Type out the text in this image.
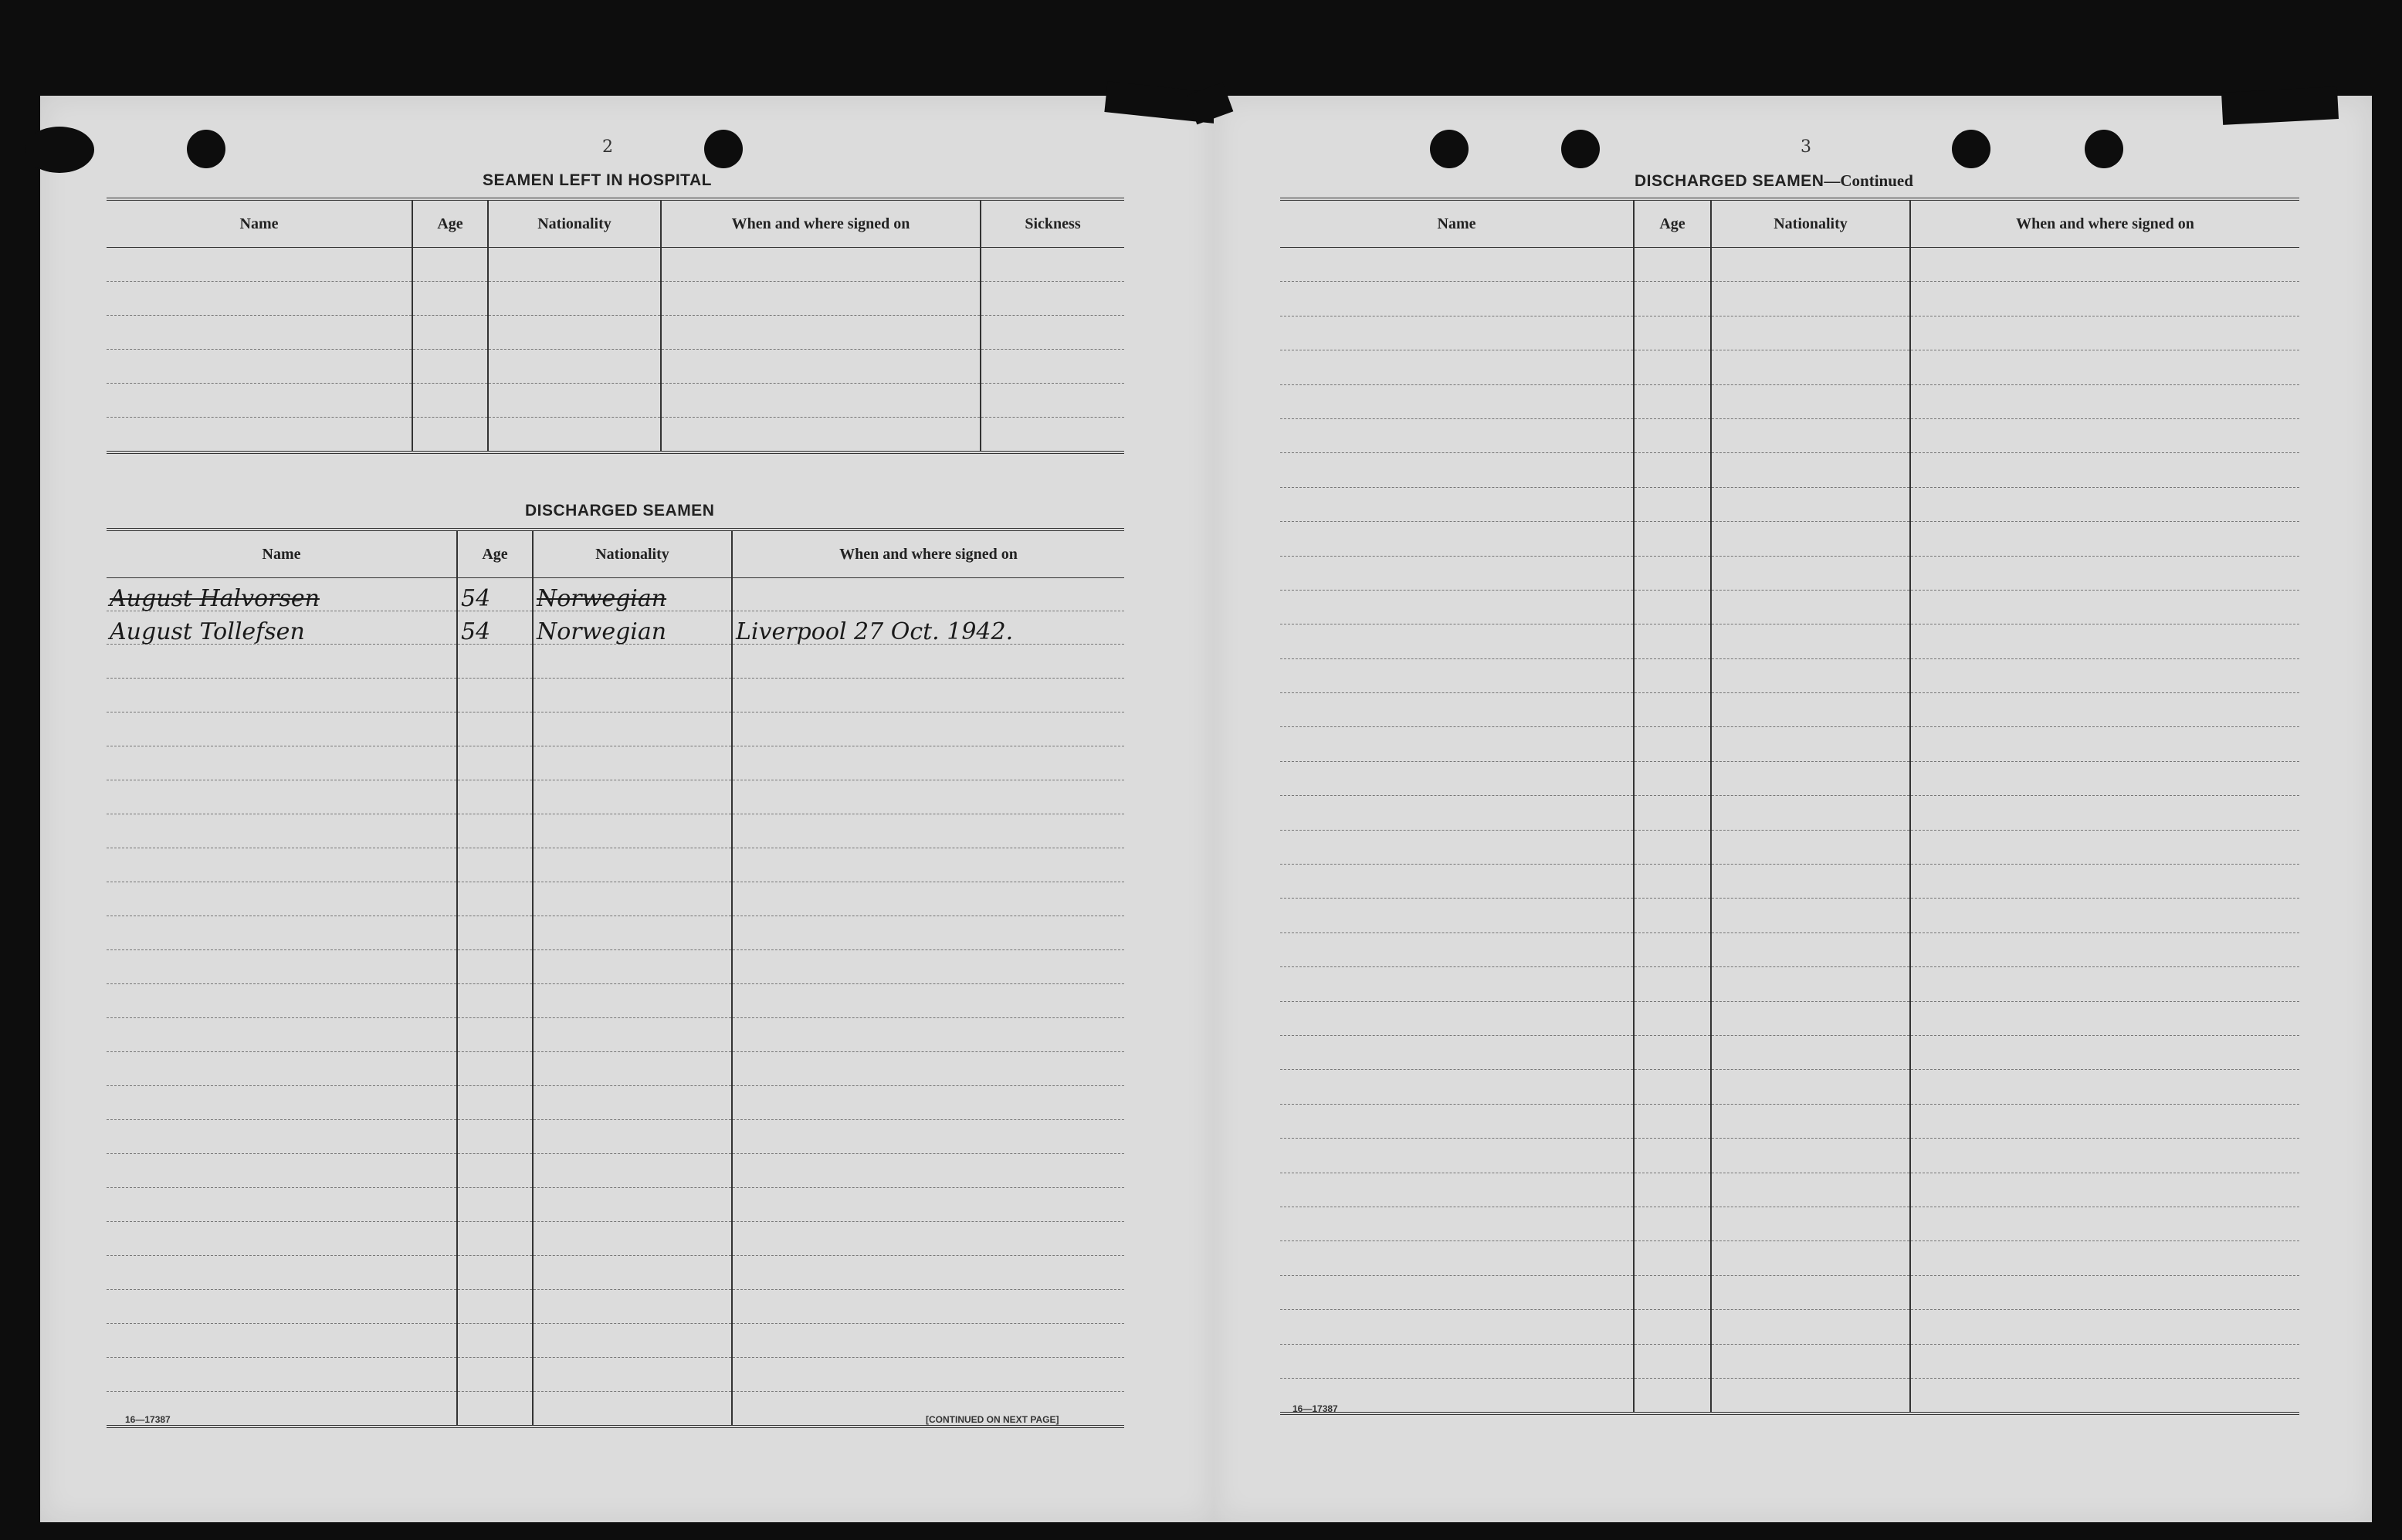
2
SEAMEN LEFT IN HOSPITAL
Name	Age	Nationality	When and where signed on	Sickness

DISCHARGED SEAMEN
Name	Age	Nationality	When and where signed on
August Halvorsen	54	Norwegian	
August Tollefsen	54	Norwegian	Liverpool 27 Oct. 1942.

16—17387	[CONTINUED ON NEXT PAGE]
3
DISCHARGED SEAMEN—Continued
Name	Age	Nationality	When and where signed on

16—17387
